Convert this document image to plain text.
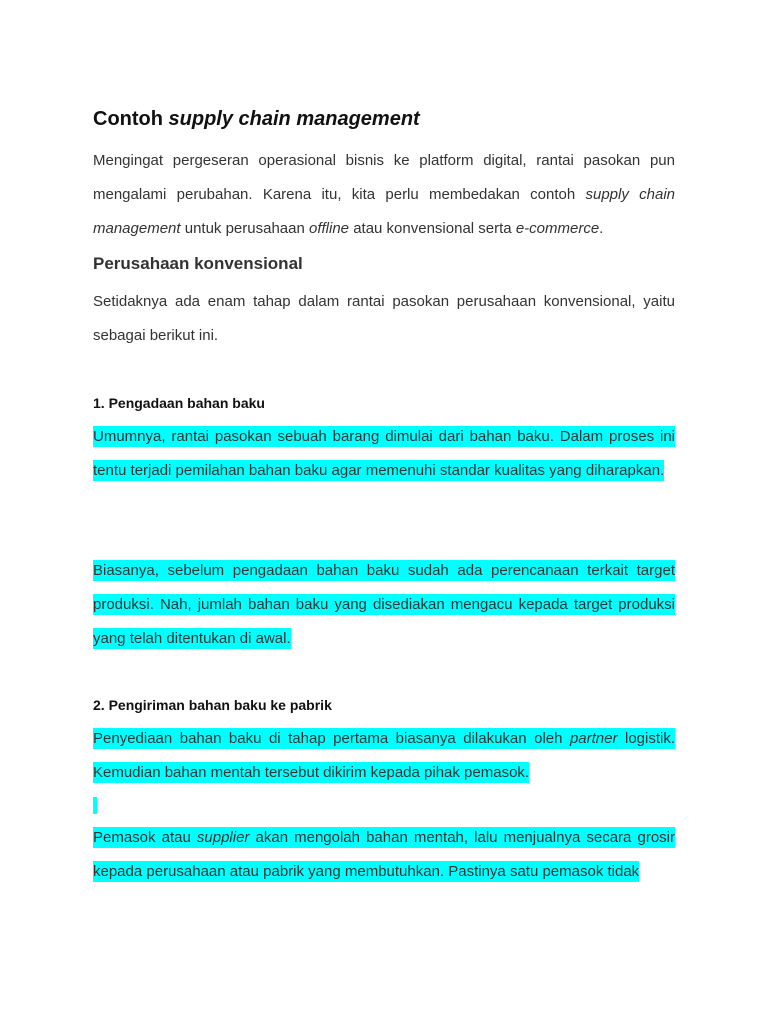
Contoh supply chain management
Mengingat pergeseran operasional bisnis ke platform digital, rantai pasokan pun mengalami perubahan. Karena itu, kita perlu membedakan contoh supply chain management untuk perusahaan offline atau konvensional serta e-commerce.
Perusahaan konvensional
Setidaknya ada enam tahap dalam rantai pasokan perusahaan konvensional, yaitu sebagai berikut ini.
1. Pengadaan bahan baku
Umumnya, rantai pasokan sebuah barang dimulai dari bahan baku. Dalam proses ini tentu terjadi pemilahan bahan baku agar memenuhi standar kualitas yang diharapkan.
Biasanya, sebelum pengadaan bahan baku sudah ada perencanaan terkait target produksi. Nah, jumlah bahan baku yang disediakan mengacu kepada target produksi yang telah ditentukan di awal.
2. Pengiriman bahan baku ke pabrik
Penyediaan bahan baku di tahap pertama biasanya dilakukan oleh partner logistik. Kemudian bahan mentah tersebut dikirim kepada pihak pemasok.
Pemasok atau supplier akan mengolah bahan mentah, lalu menjualnya secara grosir kepada perusahaan atau pabrik yang membutuhkan. Pastinya satu pemasok tidak
